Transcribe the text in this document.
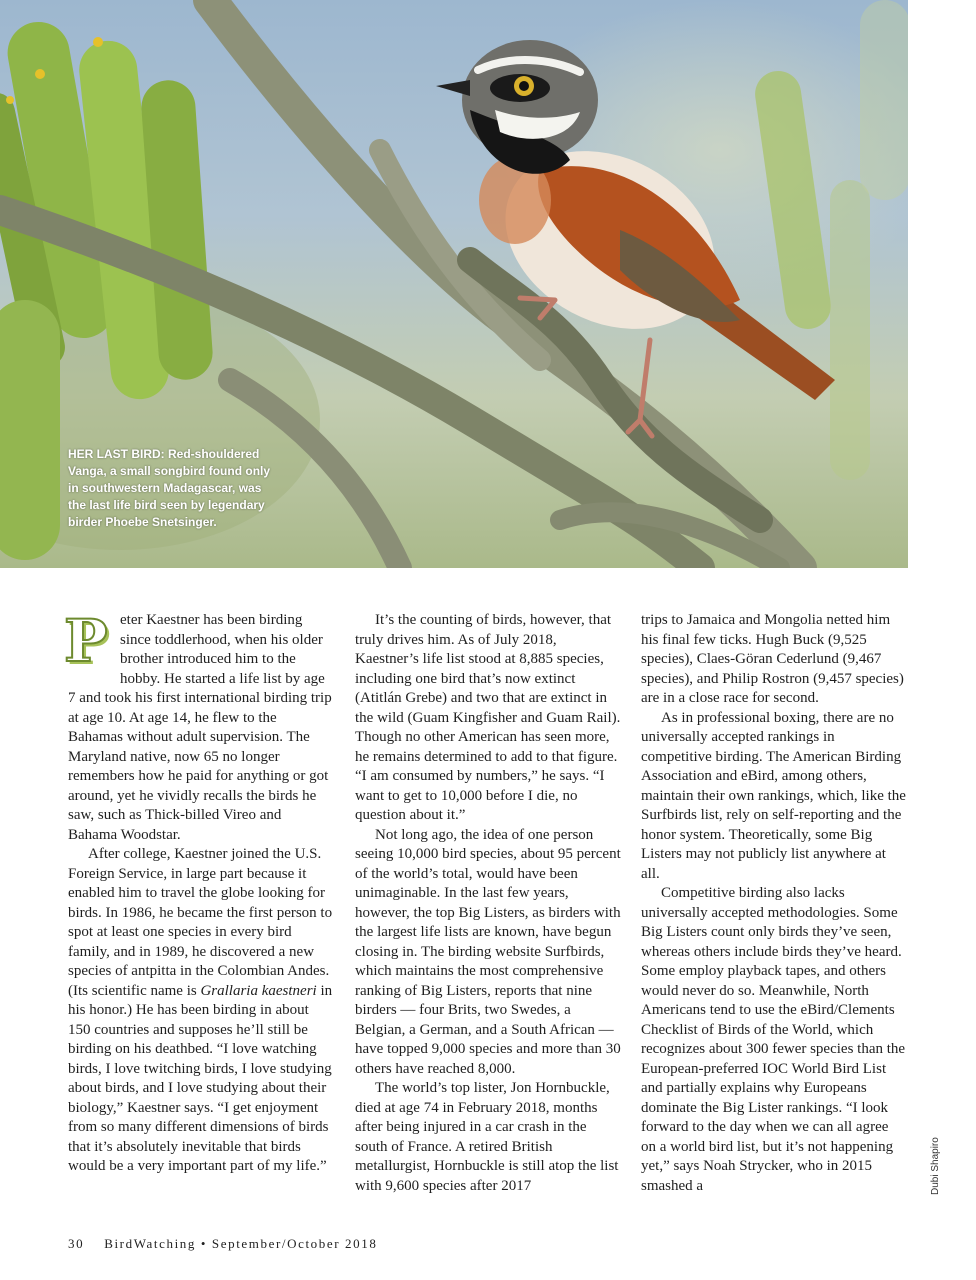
HER LAST BIRD: Red-shouldered Vanga, a small songbird found only in southwestern Madagascar, was the last life bird seen by legendary birder Phoebe Snetsinger.

Peter Kaestner has been birding since toddlerhood, when his older brother introduced him to the hobby. He started a life list by age 7 and took his first international birding trip at age 10. At age 14, he flew to the Bahamas without adult supervision. The Maryland native, now 65 no longer remembers how he paid for anything or got around, yet he vividly recalls the birds he saw, such as Thick-billed Vireo and Bahama Woodstar.

After college, Kaestner joined the U.S. Foreign Service, in large part because it enabled him to travel the globe looking for birds. In 1986, he became the first person to spot at least one species in every bird family, and in 1989, he discovered a new species of antpitta in the Colombian Andes. (Its scientific name is Grallaria kaestneri in his honor.) He has been birding in about 150 countries and supposes he’ll still be birding on his deathbed. “I love watching birds, I love twitching birds, I love studying about birds, and I love studying about their biology,” Kaestner says. “I get enjoyment from so many different dimensions of birds that it’s absolutely inevitable that birds would be a very important part of my life.”

It’s the counting of birds, however, that truly drives him. As of July 2018, Kaestner’s life list stood at 8,885 species, including one bird that’s now extinct (Atitlán Grebe) and two that are extinct in the wild (Guam Kingfisher and Guam Rail). Though no other American has seen more, he remains determined to add to that figure. “I am consumed by numbers,” he says. “I want to get to 10,000 before I die, no question about it.”

Not long ago, the idea of one person seeing 10,000 bird species, about 95 percent of the world’s total, would have been unimaginable. In the last few years, however, the top Big Listers, as birders with the largest life lists are known, have begun closing in. The birding website Surfbirds, which maintains the most comprehensive ranking of Big Listers, reports that nine birders — four Brits, two Swedes, a Belgian, a German, and a South African — have topped 9,000 species and more than 30 others have reached 8,000.

The world’s top lister, Jon Hornbuckle, died at age 74 in February 2018, months after being injured in a car crash in the south of France. A retired British metallurgist, Hornbuckle is still atop the list with 9,600 species after 2017

trips to Jamaica and Mongolia netted him his final few ticks. Hugh Buck (9,525 species), Claes-Göran Cederlund (9,467 species), and Philip Rostron (9,457 species) are in a close race for second.

As in professional boxing, there are no universally accepted rankings in competitive birding. The American Birding Association and eBird, among others, maintain their own rankings, which, like the Surfbirds list, rely on self-reporting and the honor system. Theoretically, some Big Listers may not publicly list anywhere at all.

Competitive birding also lacks universally accepted methodologies. Some Big Listers count only birds they’ve seen, whereas others include birds they’ve heard. Some employ playback tapes, and others would never do so. Meanwhile, North Americans tend to use the eBird/Clements Checklist of Birds of the World, which recognizes about 300 fewer species than the European-preferred IOC World Bird List and partially explains why Europeans dominate the Big Lister rankings. “I look forward to the day when we can all agree on a world bird list, but it’s not happening yet,” says Noah Strycker, who in 2015 smashed a	Dubi Shapiro
30 BirdWatching • September/October 2018
